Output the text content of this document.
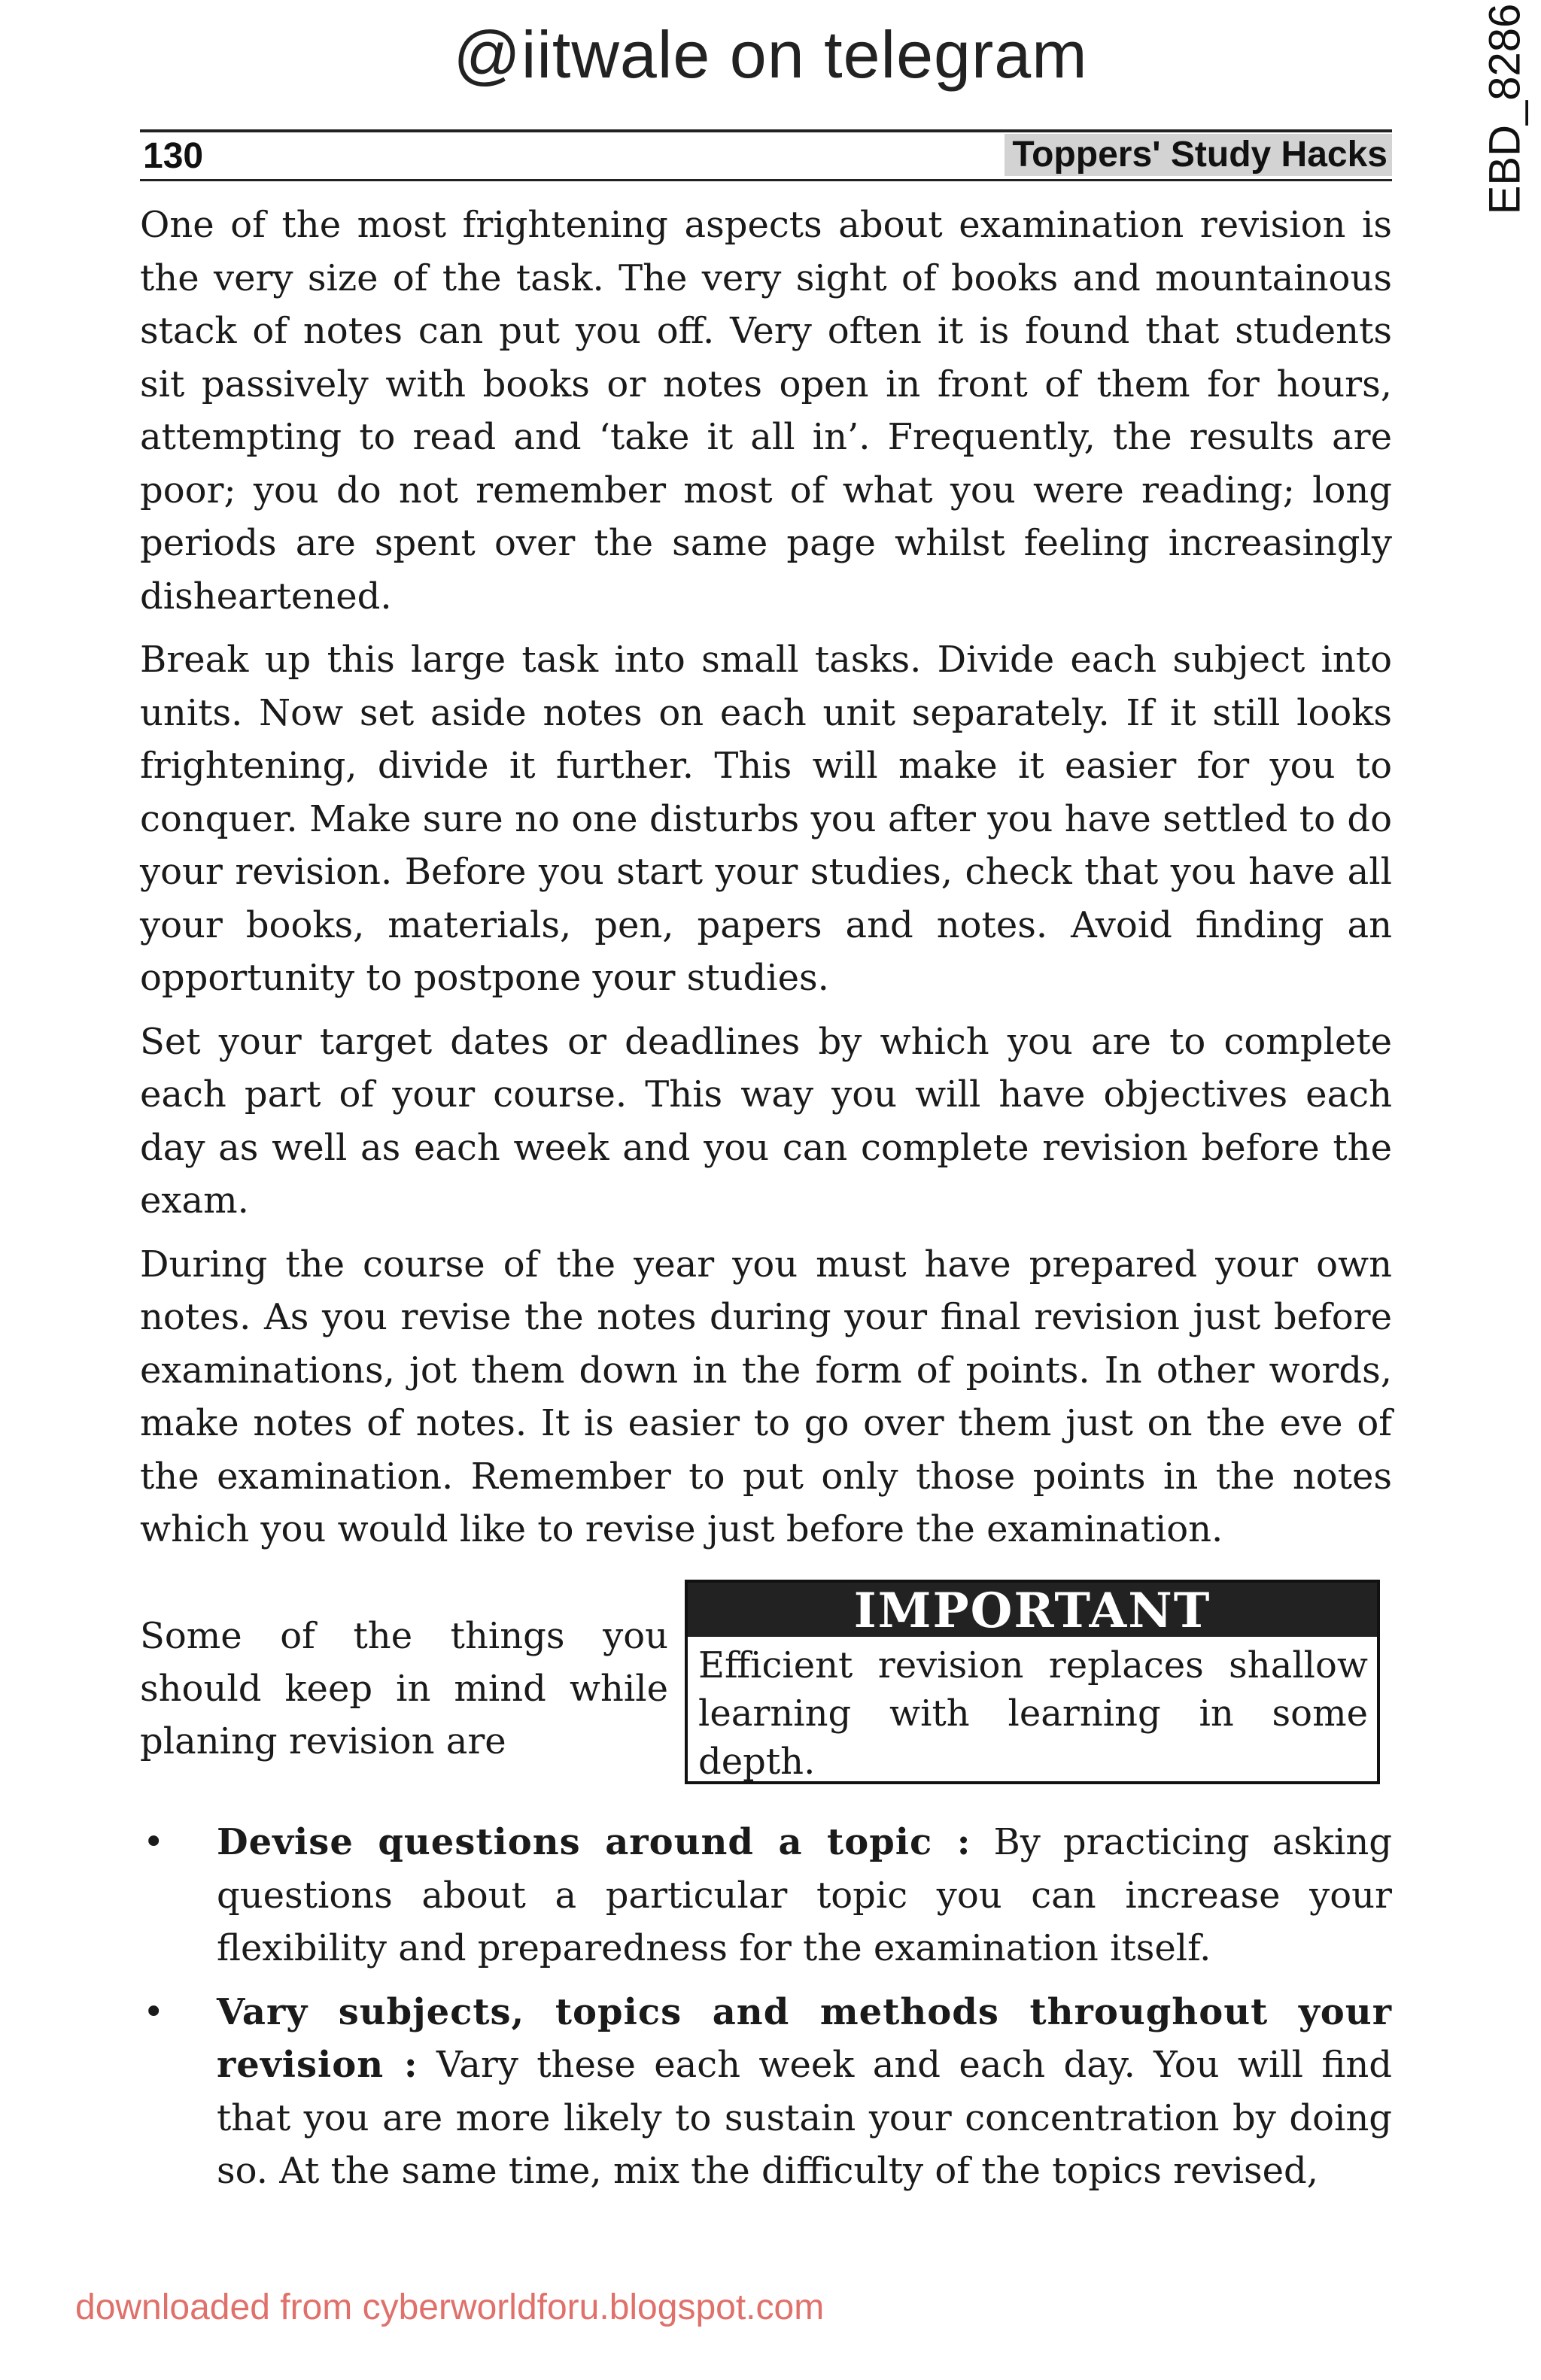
@iitwale on telegram	EBD_8286
130	Toppers' Study Hacks

One of the most frightening aspects about examination revision is the very size of the task. The very sight of books and mountainous stack of notes can put you off. Very often it is found that students sit passively with books or notes open in front of them for hours, attempting to read and ‘take it all in’. Frequently, the results are poor; you do not remember most of what you were reading; long periods are spent over the same page whilst feeling increasingly disheartened.

Break up this large task into small tasks. Divide each subject into units. Now set aside notes on each unit separately. If it still looks frightening, divide it further. This will make it easier for you to conquer. Make sure no one disturbs you after you have settled to do your revision. Before you start your studies, check that you have all your books, materials, pen, papers and notes. Avoid finding an opportunity to postpone your studies.

Set your target dates or deadlines by which you are to complete each part of your course. This way you will have objectives each day as well as each week and you can complete revision before the exam.

During the course of the year you must have prepared your own notes. As you revise the notes during your final revision just before examinations, jot them down in the form of points. In other words, make notes of notes. It is easier to go over them just on the eve of the examination. Remember to put only those points in the notes which you would like to revise just before the examination.

Some of the things you should keep in mind while planing revision are

IMPORTANT

Efficient revision replaces shallow learning with learning in some depth.

• Devise questions around a topic : By practicing asking questions about a particular topic you can increase your flexibility and preparedness for the examination itself.
• Vary subjects, topics and methods throughout your revision : Vary these each week and each day. You will find that you are more likely to sustain your concentration by doing so. At the same time, mix the difficulty of the topics revised,
downloaded from cyberworldforu.blogspot.com
